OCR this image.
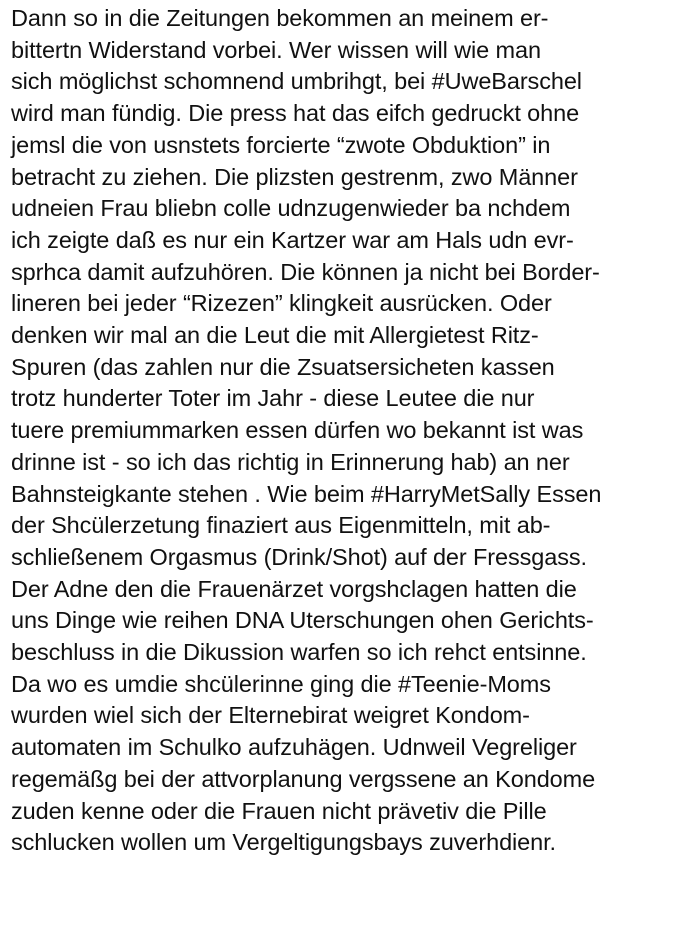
Dann so in die Zeitungen bekommen an meinem er-
bittertn Widerstand vorbei. Wer wissen will wie man
sich möglichst schomnend umbrihgt, bei #UweBarschel
wird man fündig. Die press hat das eifch gedruckt ohne
jemsl die von usnstets forcierte “zwote Obduktion” in
betracht zu ziehen. Die plizsten gestrenm, zwo Männer
udneien Frau bliebn colle udnzugenwieder ba nchdem
ich zeigte daß es nur ein Kartzer war am Hals udn evr-
sprhca damit aufzuhören. Die können ja nicht bei Border-
lineren bei jeder “Rizezen” klingkeit ausrücken. Oder
denken wir mal an die Leut die mit Allergietest Ritz-
Spuren (das zahlen nur die Zsuatsersicheten kassen
trotz hunderter Toter im Jahr - diese Leutee die nur
tuere premiummarken essen dürfen wo bekannt ist was
drinne ist - so ich das richtig in Erinnerung hab) an ner
Bahnsteigkante stehen . Wie beim #HarryMetSally Essen
der Shcülerzetung finaziert aus Eigenmitteln, mit ab-
schließenem Orgasmus (Drink/Shot) auf der Fressgass.
Der Adne den die Frauenärzet vorgshclagen hatten die
uns Dinge wie reihen DNA Uterschungen ohen Gerichts-
beschluss in die Dikussion warfen so ich rehct entsinne.
Da wo es umdie shcülerinne ging die #Teenie-Moms
wurden wiel sich der Elternebirat weigret Kondom-
automaten im Schulko aufzuhägen. Udnweil Vegreliger
regemäßg bei der attvorplanung vergssene an Kondome
zuden kenne oder die Frauen nicht prävetiv die Pille
schlucken wollen um Vergeltigungsbays zuverhdienr.
